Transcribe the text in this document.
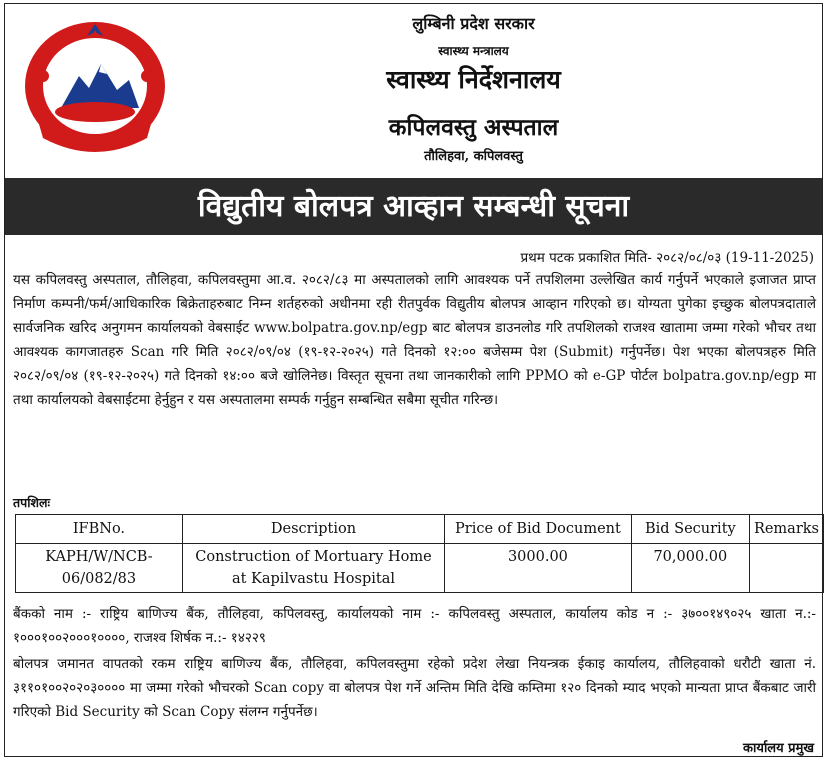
लुम्बिनी प्रदेश सरकार
स्वास्थ्य मन्त्रालय
स्वास्थ्य निर्देशनालय
कपिलवस्तु अस्पताल
तौलिहवा, कपिलवस्तु
विद्युतीय बोलपत्र आव्हान सम्बन्धी सूचना
प्रथम पटक प्रकाशित मिति- २०८२/०८/०३ (19-11-2025)
यस कपिलवस्तु अस्पताल, तौलिहवा, कपिलवस्तुमा आ.व. २०८२/८३ मा अस्पतालको लागि आवश्यक पर्ने तपशिलमा उल्लेखित कार्य गर्नुपर्ने भएकाले इजाजत प्राप्त निर्माण कम्पनी/फर्म/आधिकारिक बिक्रेताहरुबाट निम्न शर्तहरुको अधीनमा रही रीतपुर्वक विद्युतीय बोलपत्र आव्हान गरिएको छ। योग्यता पुगेका इच्छुक बोलपत्रदाताले सार्वजनिक खरिद अनुगमन कार्यालयको वेबसाईट www.bolpatra.gov.np/egp बाट बोलपत्र डाउनलोड गरि तपशिलको राजश्व खातामा जम्मा गरेको भौचर तथा आवश्यक कागजातहरु Scan गरि मिति २०८२/०९/०४ (१९-१२-२०२५) गते दिनको १२:०० बजेसम्म पेश (Submit) गर्नुपर्नेछ। पेश भएका बोलपत्रहरु मिति २०८२/०९/०४ (१९-१२-२०२५) गते दिनको १४:०० बजे खोलिनेछ। विस्तृत सूचना तथा जानकारीको लागि PPMO को e-GP पोर्टल bolpatra.gov.np/egp मा तथा कार्यालयको वेबसाईटमा हेर्नुहुन र यस अस्पतालमा सम्पर्क गर्नुहुन सम्बन्धित सबैमा सूचीत गरिन्छ।
तपशिलः
IFBNo.	Description	Price of Bid Document	Bid Security	Remarks
KAPH/W/NCB-06/082/83	Construction of Mortuary Home at Kapilvastu Hospital	3000.00	70,000.00	
बैंकको नाम :- राष्ट्रिय बाणिज्य बैंक, तौलिहवा, कपिलवस्तु, कार्यालयको नाम :- कपिलवस्तु अस्पताल, कार्यालय कोड न :- ३७००१४९०२५ खाता न.:- १०००१००२०००१००००, राजश्व शिर्षक न.:- १४२२९
बोलपत्र जमानत वापतको रकम राष्ट्रिय बाणिज्य बैंक, तौलिहवा, कपिलवस्तुमा रहेको प्रदेश लेखा नियन्त्रक ईकाइ कार्यालय, तौलिहवाको धरौटी खाता नं. ३११०१००२०२०३०००० मा जम्मा गरेको भौचरको Scan copy वा बोलपत्र पेश गर्ने अन्तिम मिति देखि कम्तिमा १२० दिनको म्याद भएको मान्यता प्राप्त बैंकबाट जारी गरिएको Bid Security को Scan Copy संलग्न गर्नुपर्नेछ।
कार्यालय प्रमुख
